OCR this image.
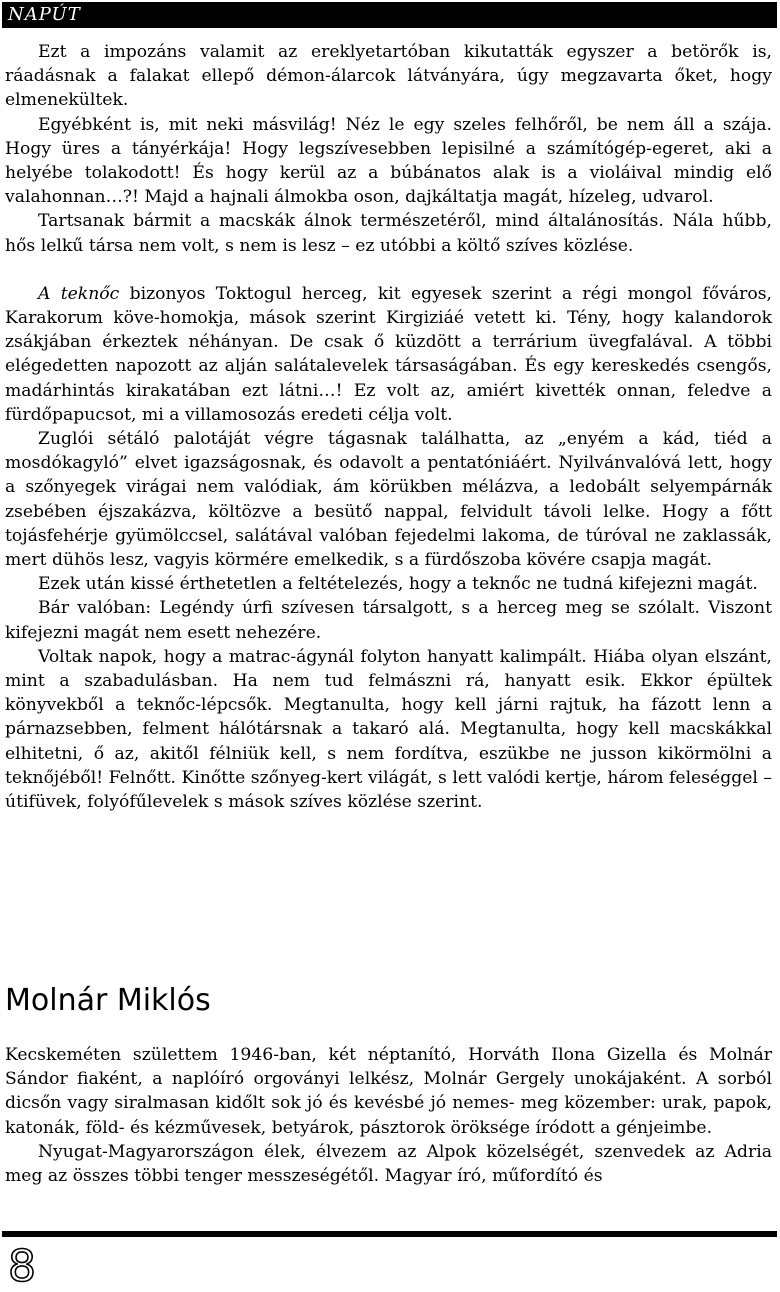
NAPÚT

Ezt a impozáns valamit az ereklyetartóban kikutatták egyszer a betörők is, ráadásnak a falakat ellepő démon-álarcok látványára, úgy megzavarta őket, hogy elmenekültek.

Egyébként is, mit neki másvilág! Néz le egy szeles felhőről, be nem áll a szája. Hogy üres a tányérkája! Hogy legszívesebben lepisilné a számítógép-egeret, aki a helyébe tolakodott! És hogy kerül az a búbánatos alak is a violáival mindig elő valahonnan…?! Majd a hajnali álmokba oson, dajkáltatja magát, hízeleg, udvarol.

Tartsanak bármit a macskák álnok természetéről, mind általánosítás. Nála hűbb, hős lelkű társa nem volt, s nem is lesz – ez utóbbi a költő szíves közlése.

A teknőc bizonyos Toktogul herceg, kit egyesek szerint a régi mongol főváros, Karakorum köve-homokja, mások szerint Kirgiziáé vetett ki. Tény, hogy kalandorok zsákjában érkeztek néhányan. De csak ő küzdött a terrárium üvegfalával. A többi elégedetten napozott az alján salátalevelek társaságában. És egy kereskedés csengős, madárhintás kirakatában ezt látni…! Ez volt az, amiért kivették onnan, feledve a fürdőpapucsot, mi a villamosozás eredeti célja volt.

Zuglói sétáló palotáját végre tágasnak találhatta, az „enyém a kád, tiéd a mosdókagyló” elvet igazságosnak, és odavolt a pentatóniáért. Nyilvánvalóvá lett, hogy a szőnyegek virágai nem valódiak, ám körükben mélázva, a ledobált selyempárnák zsebében éjszakázva, költözve a besütő nappal, felvidult távoli lelke. Hogy a főtt tojásfehérje gyümölccsel, salátával valóban fejedelmi lakoma, de túróval ne zaklassák, mert dühös lesz, vagyis körmére emelkedik, s a fürdőszoba kövére csapja magát.

Ezek után kissé érthetetlen a feltételezés, hogy a teknőc ne tudná kifejezni magát.

Bár valóban: Legéndy úrfi szívesen társalgott, s a herceg meg se szólalt. Viszont kifejezni magát nem esett nehezére.

Voltak napok, hogy a matrac-ágynál folyton hanyatt kalimpált. Hiába olyan elszánt, mint a szabadulásban. Ha nem tud felmászni rá, hanyatt esik. Ekkor épültek könyvekből a teknőc-lépcsők. Megtanulta, hogy kell járni rajtuk, ha fázott lenn a párnazsebben, felment hálótársnak a takaró alá. Megtanulta, hogy kell macskákkal elhitetni, ő az, akitől félniük kell, s nem fordítva, eszükbe ne jusson kikörmölni a teknőjéből! Felnőtt. Kinőtte szőnyeg-kert világát, s lett valódi kertje, három feleséggel – útifüvek, folyófűlevelek s mások szíves közlése szerint.

Molnár Miklós

Kecskeméten születtem 1946-ban, két néptanító, Horváth Ilona Gizella és Molnár Sándor fiaként, a naplóíró orgoványi lelkész, Molnár Gergely unokájaként. A sorból dicsőn vagy siralmasan kidőlt sok jó és kevésbé jó nemes- meg közember: urak, papok, katonák, föld- és kézművesek, betyárok, pásztorok öröksége íródott a génjeimbe.

Nyugat-Magyarországon élek, élvezem az Alpok közelségét, szenvedek az Adria meg az összes többi tenger messzeségétől. Magyar író, műfordító és

8
